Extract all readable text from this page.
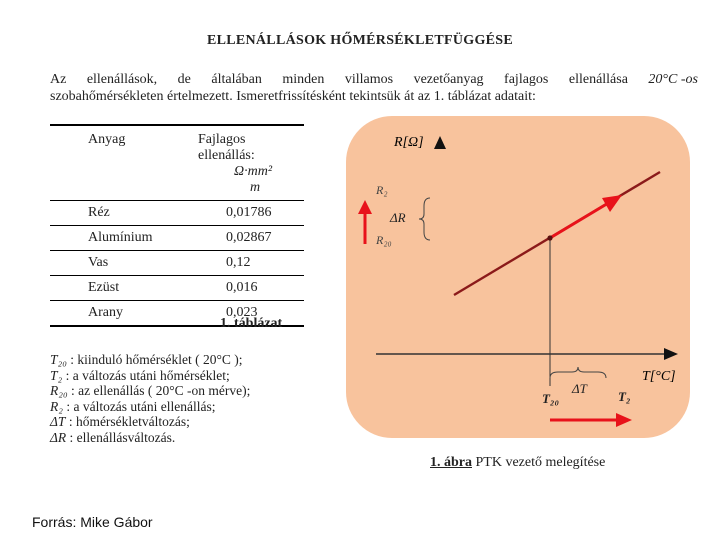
ELLENÁLLÁSOK HŐMÉRSÉKLETFÜGGÉSE
Az ellenállások, de általában minden villamos vezetőanyag fajlagos ellenállása 20°C -os
szobahőmérsékleten értelmezett. Ismeretfrissítésként tekintsük át az 1. táblázat adatait:
Anyag	Fajlagos ellenállás:
Ω·mm²
m

Réz	0,01786
Alumínium	0,02867
Vas	0,12
Ezüst	0,016
Arany	0,023
1. táblázat
T₂₀ : kiinduló hőmérséklet ( 20°C );
T₂ : a változás utáni hőmérséklet;
R₂₀ : az ellenállás ( 20°C -on mérve);
R₂ : a változás utáni ellenállás;
ΔT : hőmérsékletváltozás;
ΔR : ellenállásváltozás.
R[Ω]
R₂
ΔR
R₂₀
T[°C]
ΔT
T₂₀	T₂
1. ábra PTK vezető melegítése
Forrás: Mike Gábor
